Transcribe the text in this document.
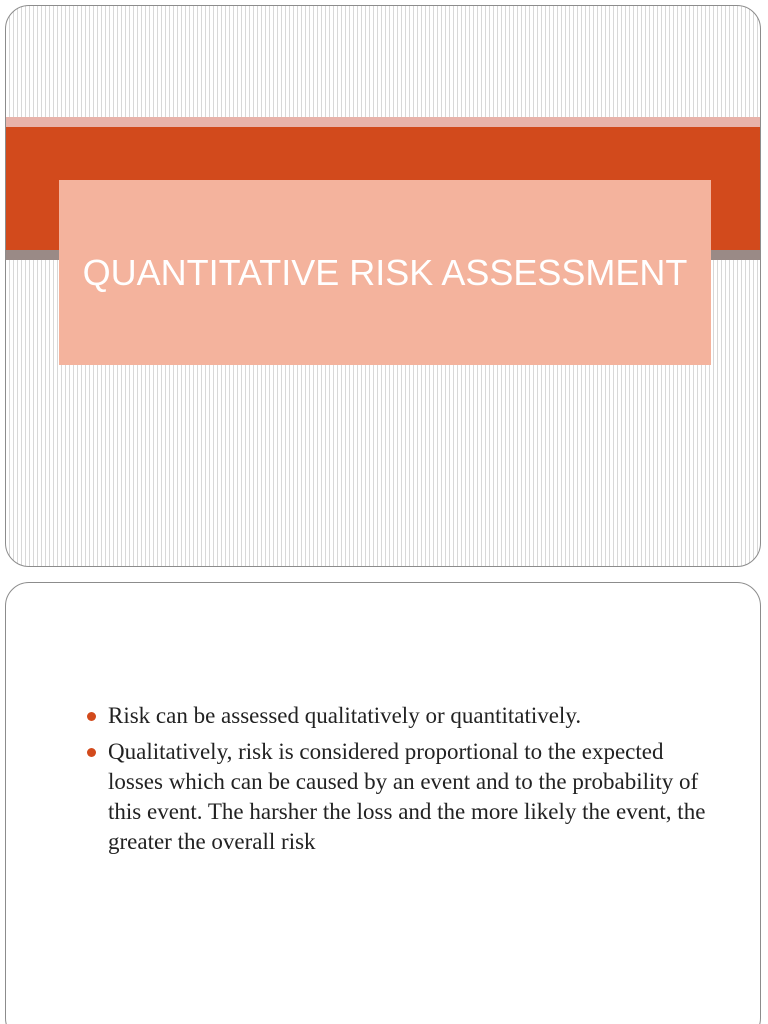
QUANTITATIVE RISK ASSESSMENT
Risk can be assessed qualitatively or quantitatively.
Qualitatively, risk is considered proportional to the expected losses which can be caused by an event and to the probability of this event. The harsher the loss and the more likely the event, the greater the overall risk
